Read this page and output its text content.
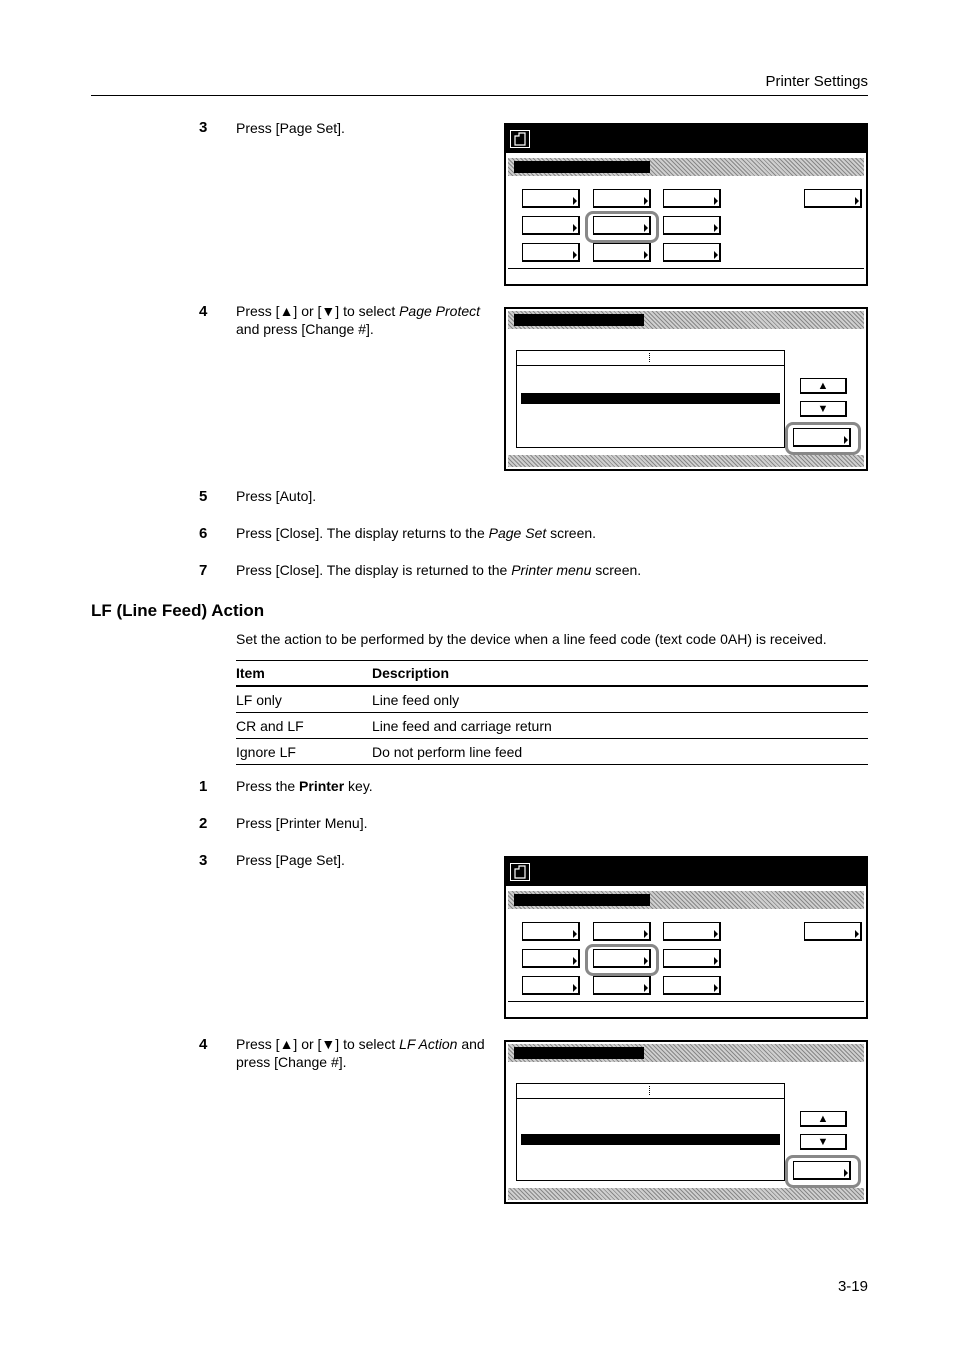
Printer Settings
3 Press [Page Set].
4 Press [▲] or [▼] to select Page Protect
and press [Change #].
5 Press [Auto].
6 Press [Close]. The display returns to the Page Set screen.
7 Press [Close]. The display is returned to the Printer menu screen.
▲
▼
LF (Line Feed) Action
Set the action to be performed by the device when a line feed code (text code 0AH) is received.
Item	Description
LF only	Line feed only
CR and LF	Line feed and carriage return
Ignore LF	Do not perform line feed
1 Press the Printer key.
2 Press [Printer Menu].
3 Press [Page Set].
4 Press [▲] or [▼] to select LF Action and
press [Change #].
▲
▼
3-19
